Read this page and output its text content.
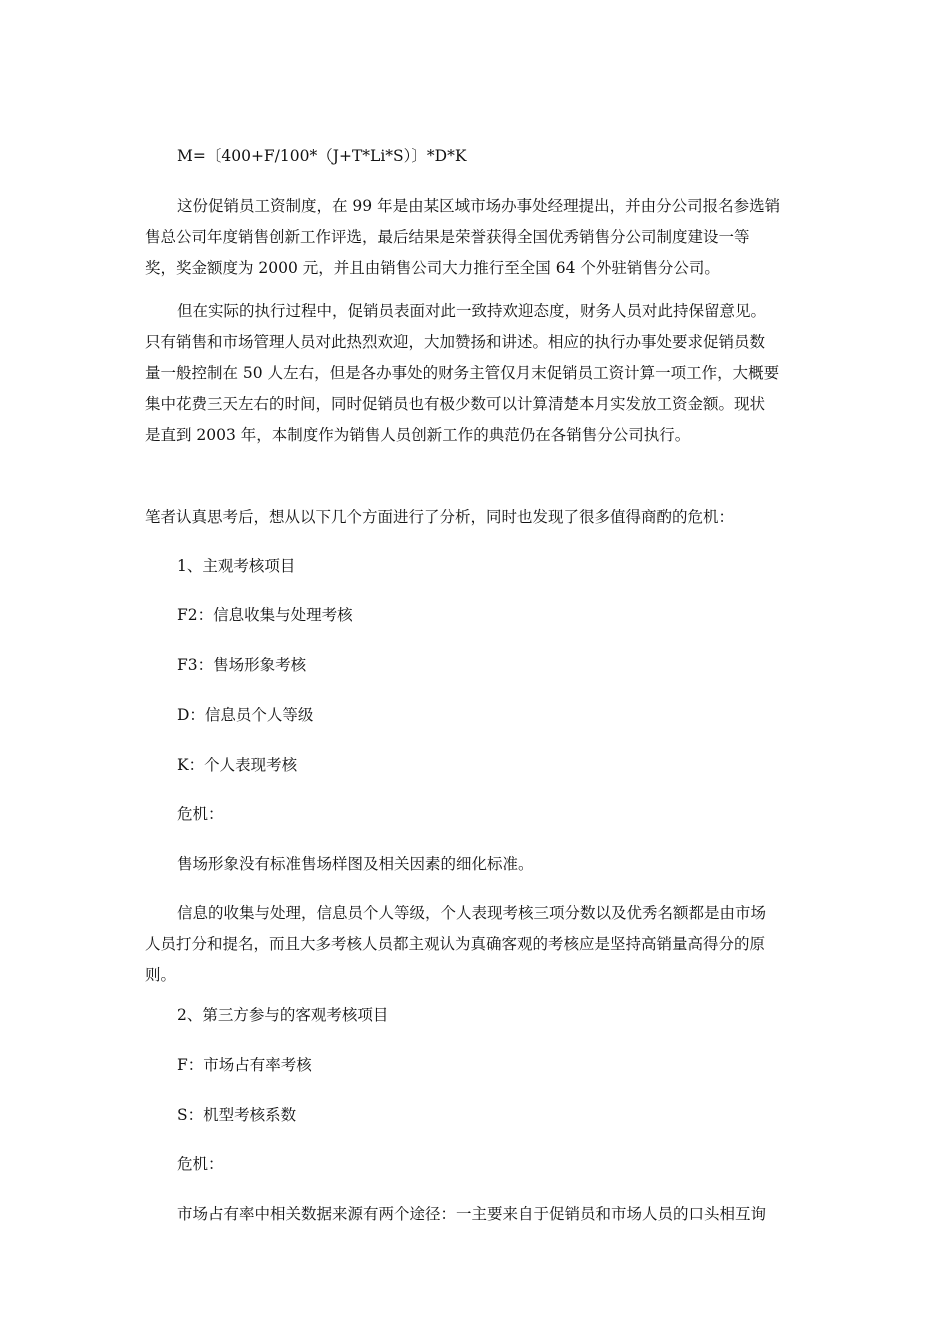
M=〔400+F/100*（J+T*Li*S）〕*D*K

这份促销员工资制度，在 99 年是由某区域市场办事处经理提出，并由分公司报名参选销
售总公司年度销售创新工作评选，最后结果是荣誉获得全国优秀销售分公司制度建设一等
奖，奖金额度为 2000 元，并且由销售公司大力推行至全国 64 个外驻销售分公司。
但在实际的执行过程中，促销员表面对此一致持欢迎态度，财务人员对此持保留意见。
只有销售和市场管理人员对此热烈欢迎，大加赞扬和讲述。相应的执行办事处要求促销员数
量一般控制在 50 人左右，但是各办事处的财务主管仅月末促销员工资计算一项工作，大概要
集中花费三天左右的时间，同时促销员也有极少数可以计算清楚本月实发放工资金额。现状
是直到 2003 年，本制度作为销售人员创新工作的典范仍在各销售分公司执行。

笔者认真思考后，想从以下几个方面进行了分析，同时也发现了很多值得商酌的危机：

1、主观考核项目

F2：信息收集与处理考核

F3：售场形象考核

D：信息员个人等级

K：个人表现考核

危机：

售场形象没有标准售场样图及相关因素的细化标准。

信息的收集与处理，信息员个人等级，个人表现考核三项分数以及优秀名额都是由市场
人员打分和提名，而且大多考核人员都主观认为真确客观的考核应是坚持高销量高得分的原
则。

2、第三方参与的客观考核项目

F：市场占有率考核

S：机型考核系数

危机：

市场占有率中相关数据来源有两个途径：一主要来自于促销员和市场人员的口头相互询
